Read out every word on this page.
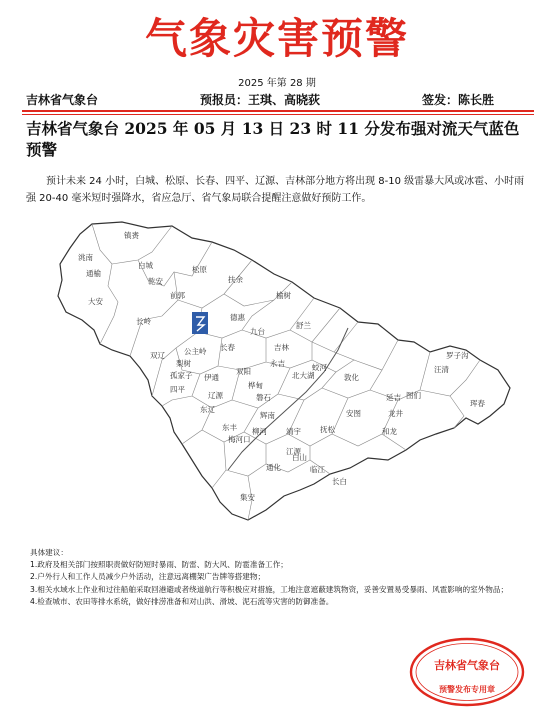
气象灾害预警
2025 年第 28 期
吉林省气象台	预报员：王琪、高晓荻	签发：陈长胜
吉林省气象台 2025 年 05 月 13 日 23 时 11 分发布强对流天气蓝色预警
预计未来 24 小时，白城、松原、长春、四平、辽源、吉林部分地方将出现 8-10 级雷暴大风或冰雹、小时雨强 20-40 毫米短时强降水，省应急厅、省气象局联合提醒注意做好预防工作。
镇赉
洮南
通榆
大安
白城
乾安
前郭
松原
扶余
榆树
长岭	德惠
九台
舒兰
双辽	公主岭 长春	吉林
永吉	蛟河
梨树
孤家子 伊通
双阳
桦甸
敦化
北大湖
四平
辽源	磐石
东丰
东辽
梅河口
辉南
靖宇
柳河	抚松
通化
白山
江源
临江
集安
安图
延吉 图们
珲春
汪清
龙井
和龙
罗子沟
长白
具体建议：
1.政府及相关部门按照职责做好防短时暴雨、防雷、防大风、防雹准备工作；
2.户外行人和工作人员减少户外活动，注意远离棚架广告牌等搭建物；
3.相关水域水上作业和过往船舶采取回港避或者绕道航行等积极应对措施，工地注意遮蔽建筑物资，妥善安置易受暴雨、风雹影响的室外物品；
4.检查城市、农田等排水系统，做好排涝准备和对山洪、滑坡、泥石流等灾害的防御准备。
吉林省气象台
预警发布专用章
